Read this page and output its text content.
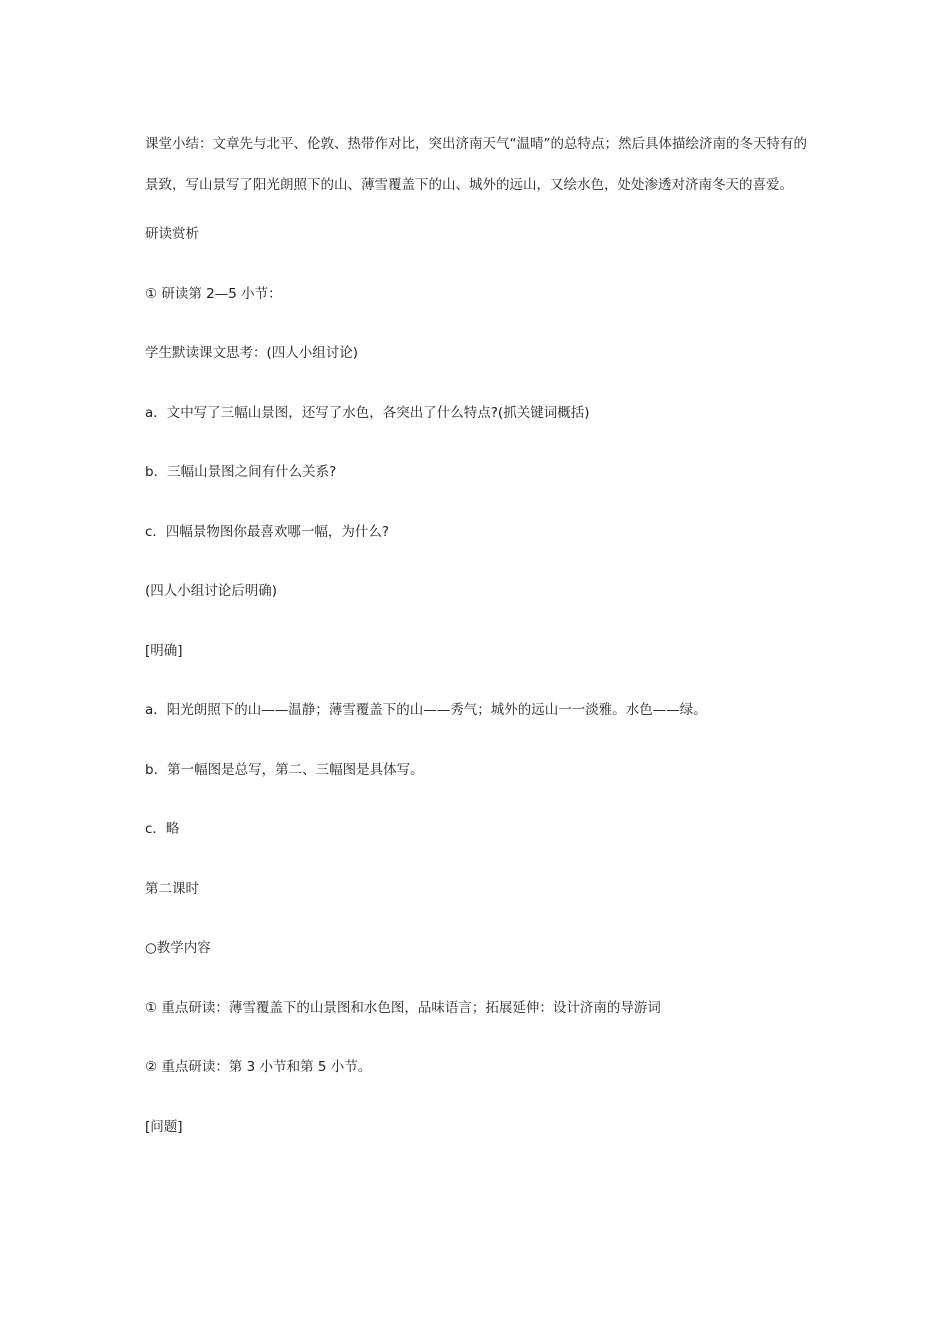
课堂小结：文章先与北平、伦敦、热带作对比，突出济南天气“温晴”的总特点；然后具体描绘济南的冬天特有的景致，写山景写了阳光朗照下的山、薄雪覆盖下的山、城外的远山，又绘水色，处处渗透对济南冬天的喜爱。

研读赏析

① 研读第 2—5 小节：

学生默读课文思考：(四人小组讨论)

a．文中写了三幅山景图，还写了水色，各突出了什么特点?(抓关键词概括)

b．三幅山景图之间有什么关系?

c．四幅景物图你最喜欢哪一幅，为什么?

(四人小组讨论后明确)

[明确]

a．阳光朗照下的山——温静；薄雪覆盖下的山——秀气；城外的远山一一淡雅。水色——绿。

b．第一幅图是总写，第二、三幅图是具体写。

c．略

第二课时

○教学内容

① 重点研读：薄雪覆盖下的山景图和水色图，品味语言；拓展延伸：设计济南的导游词

② 重点研读：第 3 小节和第 5 小节。

[问题]
